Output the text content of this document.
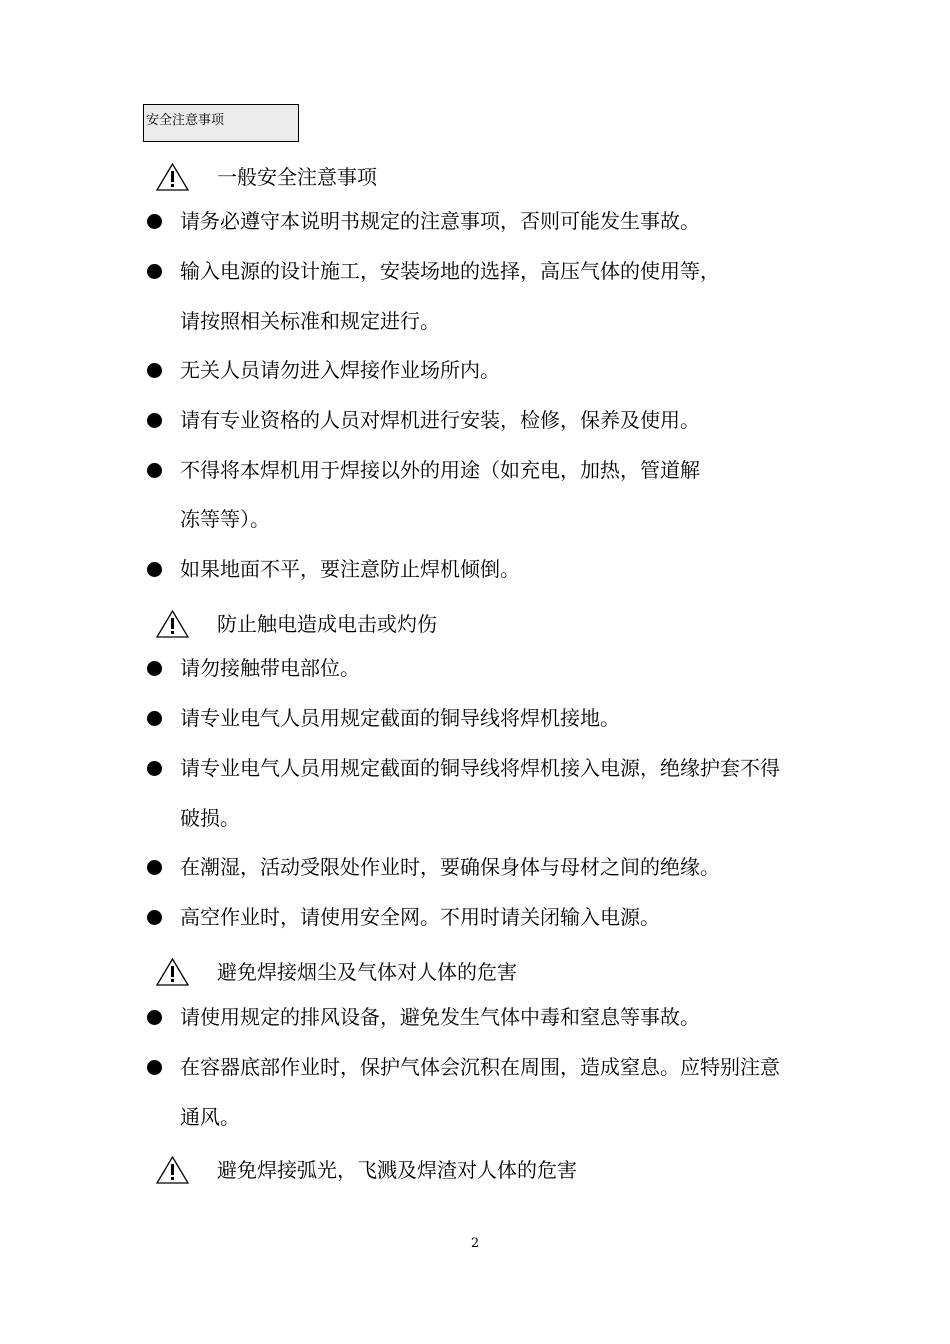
安全注意事项
一般安全注意事项
请务必遵守本说明书规定的注意事项，否则可能发生事故。
输入电源的设计施工，安装场地的选择，高压气体的使用等，
请按照相关标准和规定进行。
无关人员请勿进入焊接作业场所内。
请有专业资格的人员对焊机进行安装，检修，保养及使用。
不得将本焊机用于焊接以外的用途（如充电，加热，管道解
冻等等）。
如果地面不平，要注意防止焊机倾倒。
防止触电造成电击或灼伤
请勿接触带电部位。
请专业电气人员用规定截面的铜导线将焊机接地。
请专业电气人员用规定截面的铜导线将焊机接入电源，绝缘护套不得
破损。
在潮湿，活动受限处作业时，要确保身体与母材之间的绝缘。
高空作业时，请使用安全网。不用时请关闭输入电源。
避免焊接烟尘及气体对人体的危害
请使用规定的排风设备，避免发生气体中毒和窒息等事故。
在容器底部作业时，保护气体会沉积在周围，造成窒息。应特别注意
通风。
避免焊接弧光，飞溅及焊渣对人体的危害
2
